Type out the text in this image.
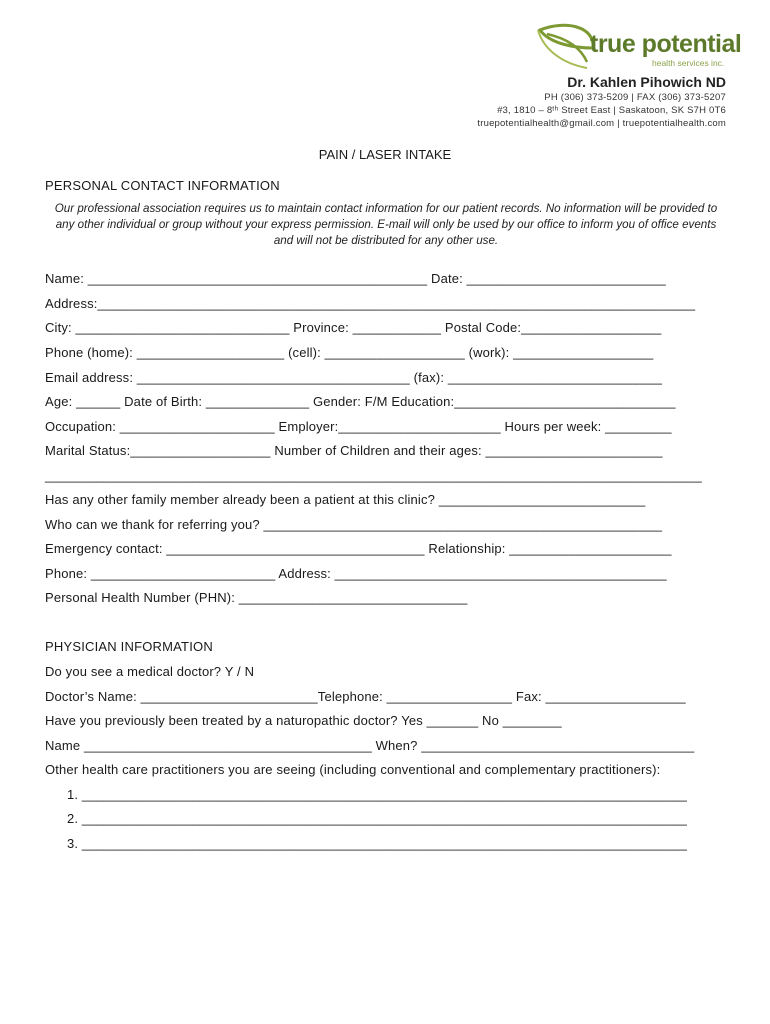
true potential
health services inc.
Dr. Kahlen Pihowich ND
PH (306) 373-5209 | FAX (306) 373-5207
#3, 1810 – 8ᵗʰ Street East | Saskatoon, SK S7H 0T6
truepotentialhealth@gmail.com | truepotentialhealth.com
PAIN / LASER INTAKE
PERSONAL CONTACT INFORMATION
Our professional association requires us to maintain contact information for our patient records. No information will be provided to any other individual or group without your express permission. E-mail will only be used by our office to inform you of office events and will not be distributed for any other use.
Name: ______________________________________________ Date: ___________________________
Address:_________________________________________________________________________________
City: _____________________________ Province: ____________ Postal Code:___________________
Phone (home): ____________________ (cell): ___________________ (work): ___________________
Email address: _____________________________________ (fax): _____________________________
Age: ______ Date of Birth: ______________ Gender: F/M Education:______________________________
Occupation: _____________________ Employer:______________________ Hours per week: _________
Marital Status:___________________ Number of Children and their ages: ________________________
_________________________________________________________________________________________
Has any other family member already been a patient at this clinic? ____________________________
Who can we thank for referring you? ______________________________________________________
Emergency contact: ___________________________________ Relationship: ______________________
Phone: _________________________ Address: _____________________________________________
Personal Health Number (PHN): _______________________________
PHYSICIAN INFORMATION
Do you see a medical doctor? Y / N
Doctor’s Name: ________________________Telephone: _________________ Fax: ___________________
Have you previously been treated by a naturopathic doctor? Yes _______ No ________
Name _______________________________________ When? _____________________________________
Other health care practitioners you are seeing (including conventional and complementary practitioners):
1. __________________________________________________________________________________
2. __________________________________________________________________________________
3. __________________________________________________________________________________
